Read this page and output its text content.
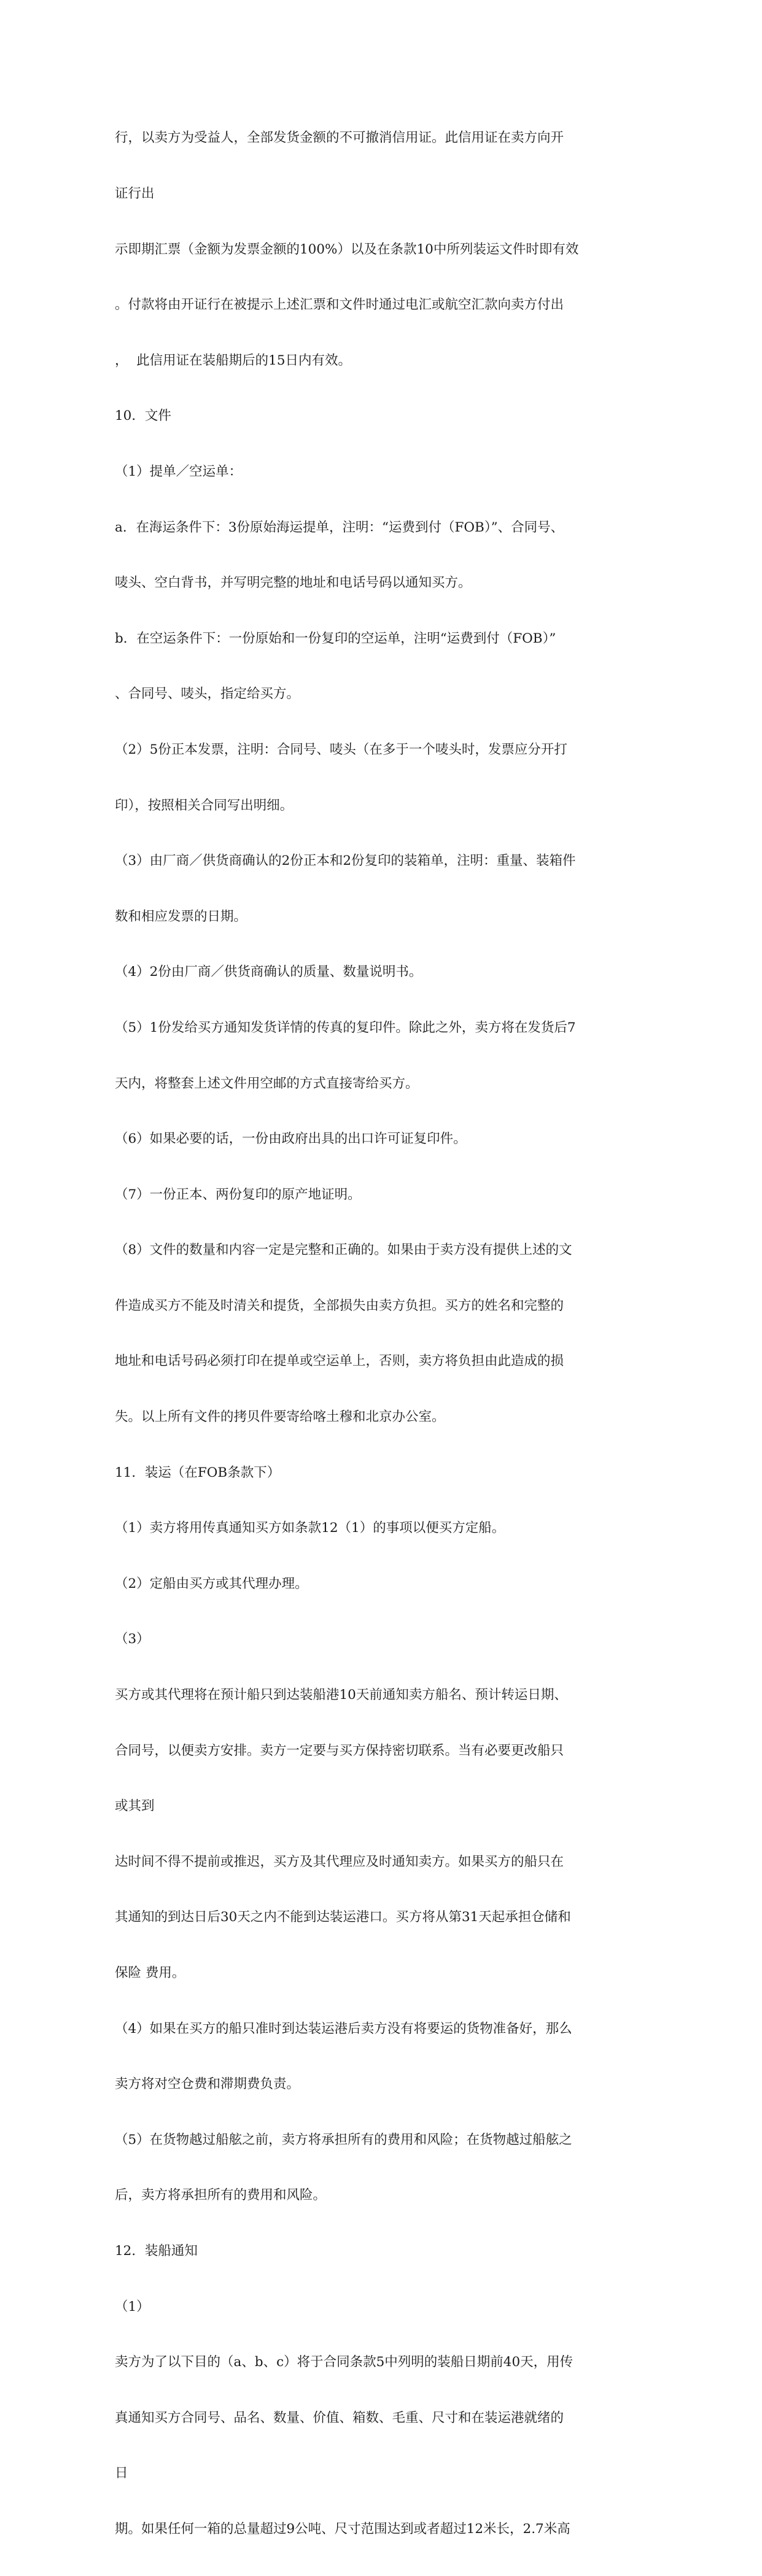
行，以卖方为受益人，全部发货金额的不可撤消信用证。此信用证在卖方向开

证行出

示即期汇票（金额为发票金额的100%）以及在条款10中所列装运文件时即有效

。付款将由开证行在被提示上述汇票和文件时通过电汇或航空汇款向卖方付出

，  此信用证在装船期后的15日内有效。

10．文件

（1）提单／空运单：

a．在海运条件下：3份原始海运提单，注明：“运费到付（FOB）”、合同号、

唛头、空白背书，并写明完整的地址和电话号码以通知买方。

b．在空运条件下：一份原始和一份复印的空运单，注明“运费到付（FOB）”

、合同号、唛头，指定给买方。

（2）5份正本发票，注明：合同号、唛头（在多于一个唛头时，发票应分开打

印），按照相关合同写出明细。

（3）由厂商／供货商确认的2份正本和2份复印的装箱单，注明：重量、装箱件

数和相应发票的日期。

（4）2份由厂商／供货商确认的质量、数量说明书。

（5）1份发给买方通知发货详情的传真的复印件。除此之外，卖方将在发货后7

天内，将整套上述文件用空邮的方式直接寄给买方。

（6）如果必要的话，一份由政府出具的出口许可证复印件。

（7）一份正本、两份复印的原产地证明。

（8）文件的数量和内容一定是完整和正确的。如果由于卖方没有提供上述的文

件造成买方不能及时清关和提货，全部损失由卖方负担。买方的姓名和完整的

地址和电话号码必须打印在提单或空运单上，否则，卖方将负担由此造成的损

失。以上所有文件的拷贝件要寄给喀土穆和北京办公室。

11．装运（在FOB条款下）

（1）卖方将用传真通知买方如条款12（1）的事项以便买方定船。

（2）定船由买方或其代理办理。

（3）

买方或其代理将在预计船只到达装船港10天前通知卖方船名、预计转运日期、

合同号，以便卖方安排。卖方一定要与买方保持密切联系。当有必要更改船只

或其到

达时间不得不提前或推迟，买方及其代理应及时通知卖方。如果买方的船只在

其通知的到达日后30天之内不能到达装运港口。买方将从第31天起承担仓储和

保险 费用。

（4）如果在买方的船只准时到达装运港后卖方没有将要运的货物准备好，那么

卖方将对空仓费和滞期费负责。

（5）在货物越过船舷之前，卖方将承担所有的费用和风险；在货物越过船舷之

后，卖方将承担所有的费用和风险。

12．装船通知

（1）

卖方为了以下目的（a、b、c）将于合同条款5中列明的装船日期前40天，用传

真通知买方合同号、品名、数量、价值、箱数、毛重、尺寸和在装运港就绪的

日

期。如果任何一箱的总量超过9公吨、尺寸范围达到或者超过12米长，2.7米高
